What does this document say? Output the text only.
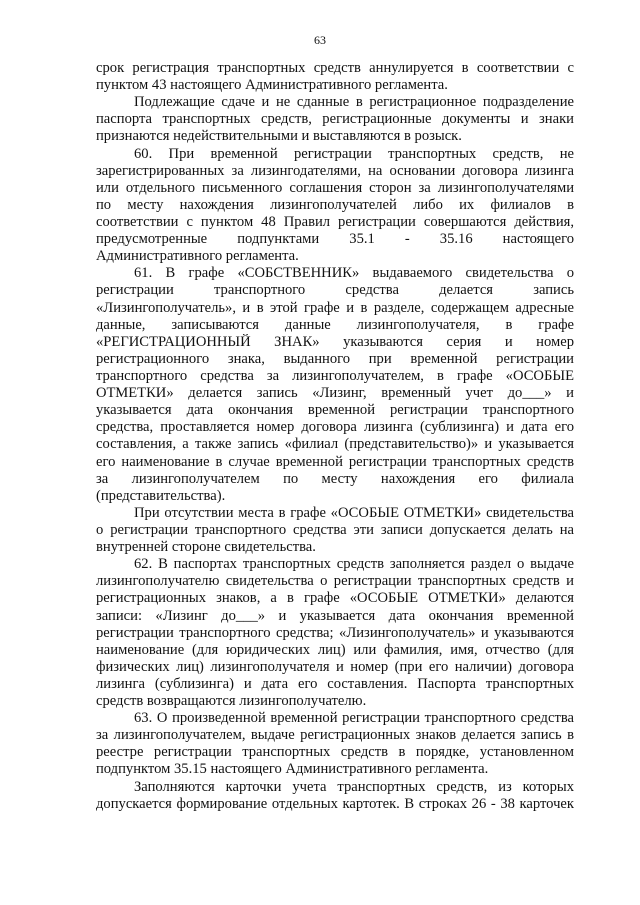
63
срок регистрация транспортных средств аннулируется в соответствии с
пунктом 43 настоящего Административного регламента.
Подлежащие сдаче и не сданные в регистрационное подразделение
паспорта транспортных средств, регистрационные документы и знаки
признаются недействительными и выставляются в розыск.
60. При временной регистрации транспортных средств, не
зарегистрированных за лизингодателями, на основании договора лизинга
или отдельного письменного соглашения сторон за лизингополучателями
по месту нахождения лизингополучателей либо их филиалов в
соответствии с пунктом 48 Правил регистрации совершаются действия,
предусмотренные подпунктами 35.1 - 35.16 настоящего
Административного регламента.
61. В графе «СОБСТВЕННИК» выдаваемого свидетельства о
регистрации транспортного средства делается запись
«Лизингополучатель», и в этой графе и в разделе, содержащем адресные
данные, записываются данные лизингополучателя, в графе
«РЕГИСТРАЦИОННЫЙ ЗНАК» указываются серия и номер
регистрационного знака, выданного при временной регистрации
транспортного средства за лизингополучателем, в графе «ОСОБЫЕ
ОТМЕТКИ» делается запись «Лизинг, временный учет до___» и
указывается дата окончания временной регистрации транспортного
средства, проставляется номер договора лизинга (сублизинга) и дата его
составления, а также запись «филиал (представительство)» и указывается
его наименование в случае временной регистрации транспортных средств
за лизингополучателем по месту нахождения его филиала
(представительства).
При отсутствии места в графе «ОСОБЫЕ ОТМЕТКИ» свидетельства
о регистрации транспортного средства эти записи допускается делать на
внутренней стороне свидетельства.
62. В паспортах транспортных средств заполняется раздел о выдаче
лизингополучателю свидетельства о регистрации транспортных средств и
регистрационных знаков, а в графе «ОСОБЫЕ ОТМЕТКИ» делаются
записи: «Лизинг до___» и указывается дата окончания временной
регистрации транспортного средства; «Лизингополучатель» и указываются
наименование (для юридических лиц) или фамилия, имя, отчество (для
физических лиц) лизингополучателя и номер (при его наличии) договора
лизинга (сублизинга) и дата его составления. Паспорта транспортных
средств возвращаются лизингополучателю.
63. О произведенной временной регистрации транспортного средства
за лизингополучателем, выдаче регистрационных знаков делается запись в
реестре регистрации транспортных средств в порядке, установленном
подпунктом 35.15 настоящего Административного регламента.
Заполняются карточки учета транспортных средств, из которых
допускается формирование отдельных картотек. В строках 26 - 38 карточек
